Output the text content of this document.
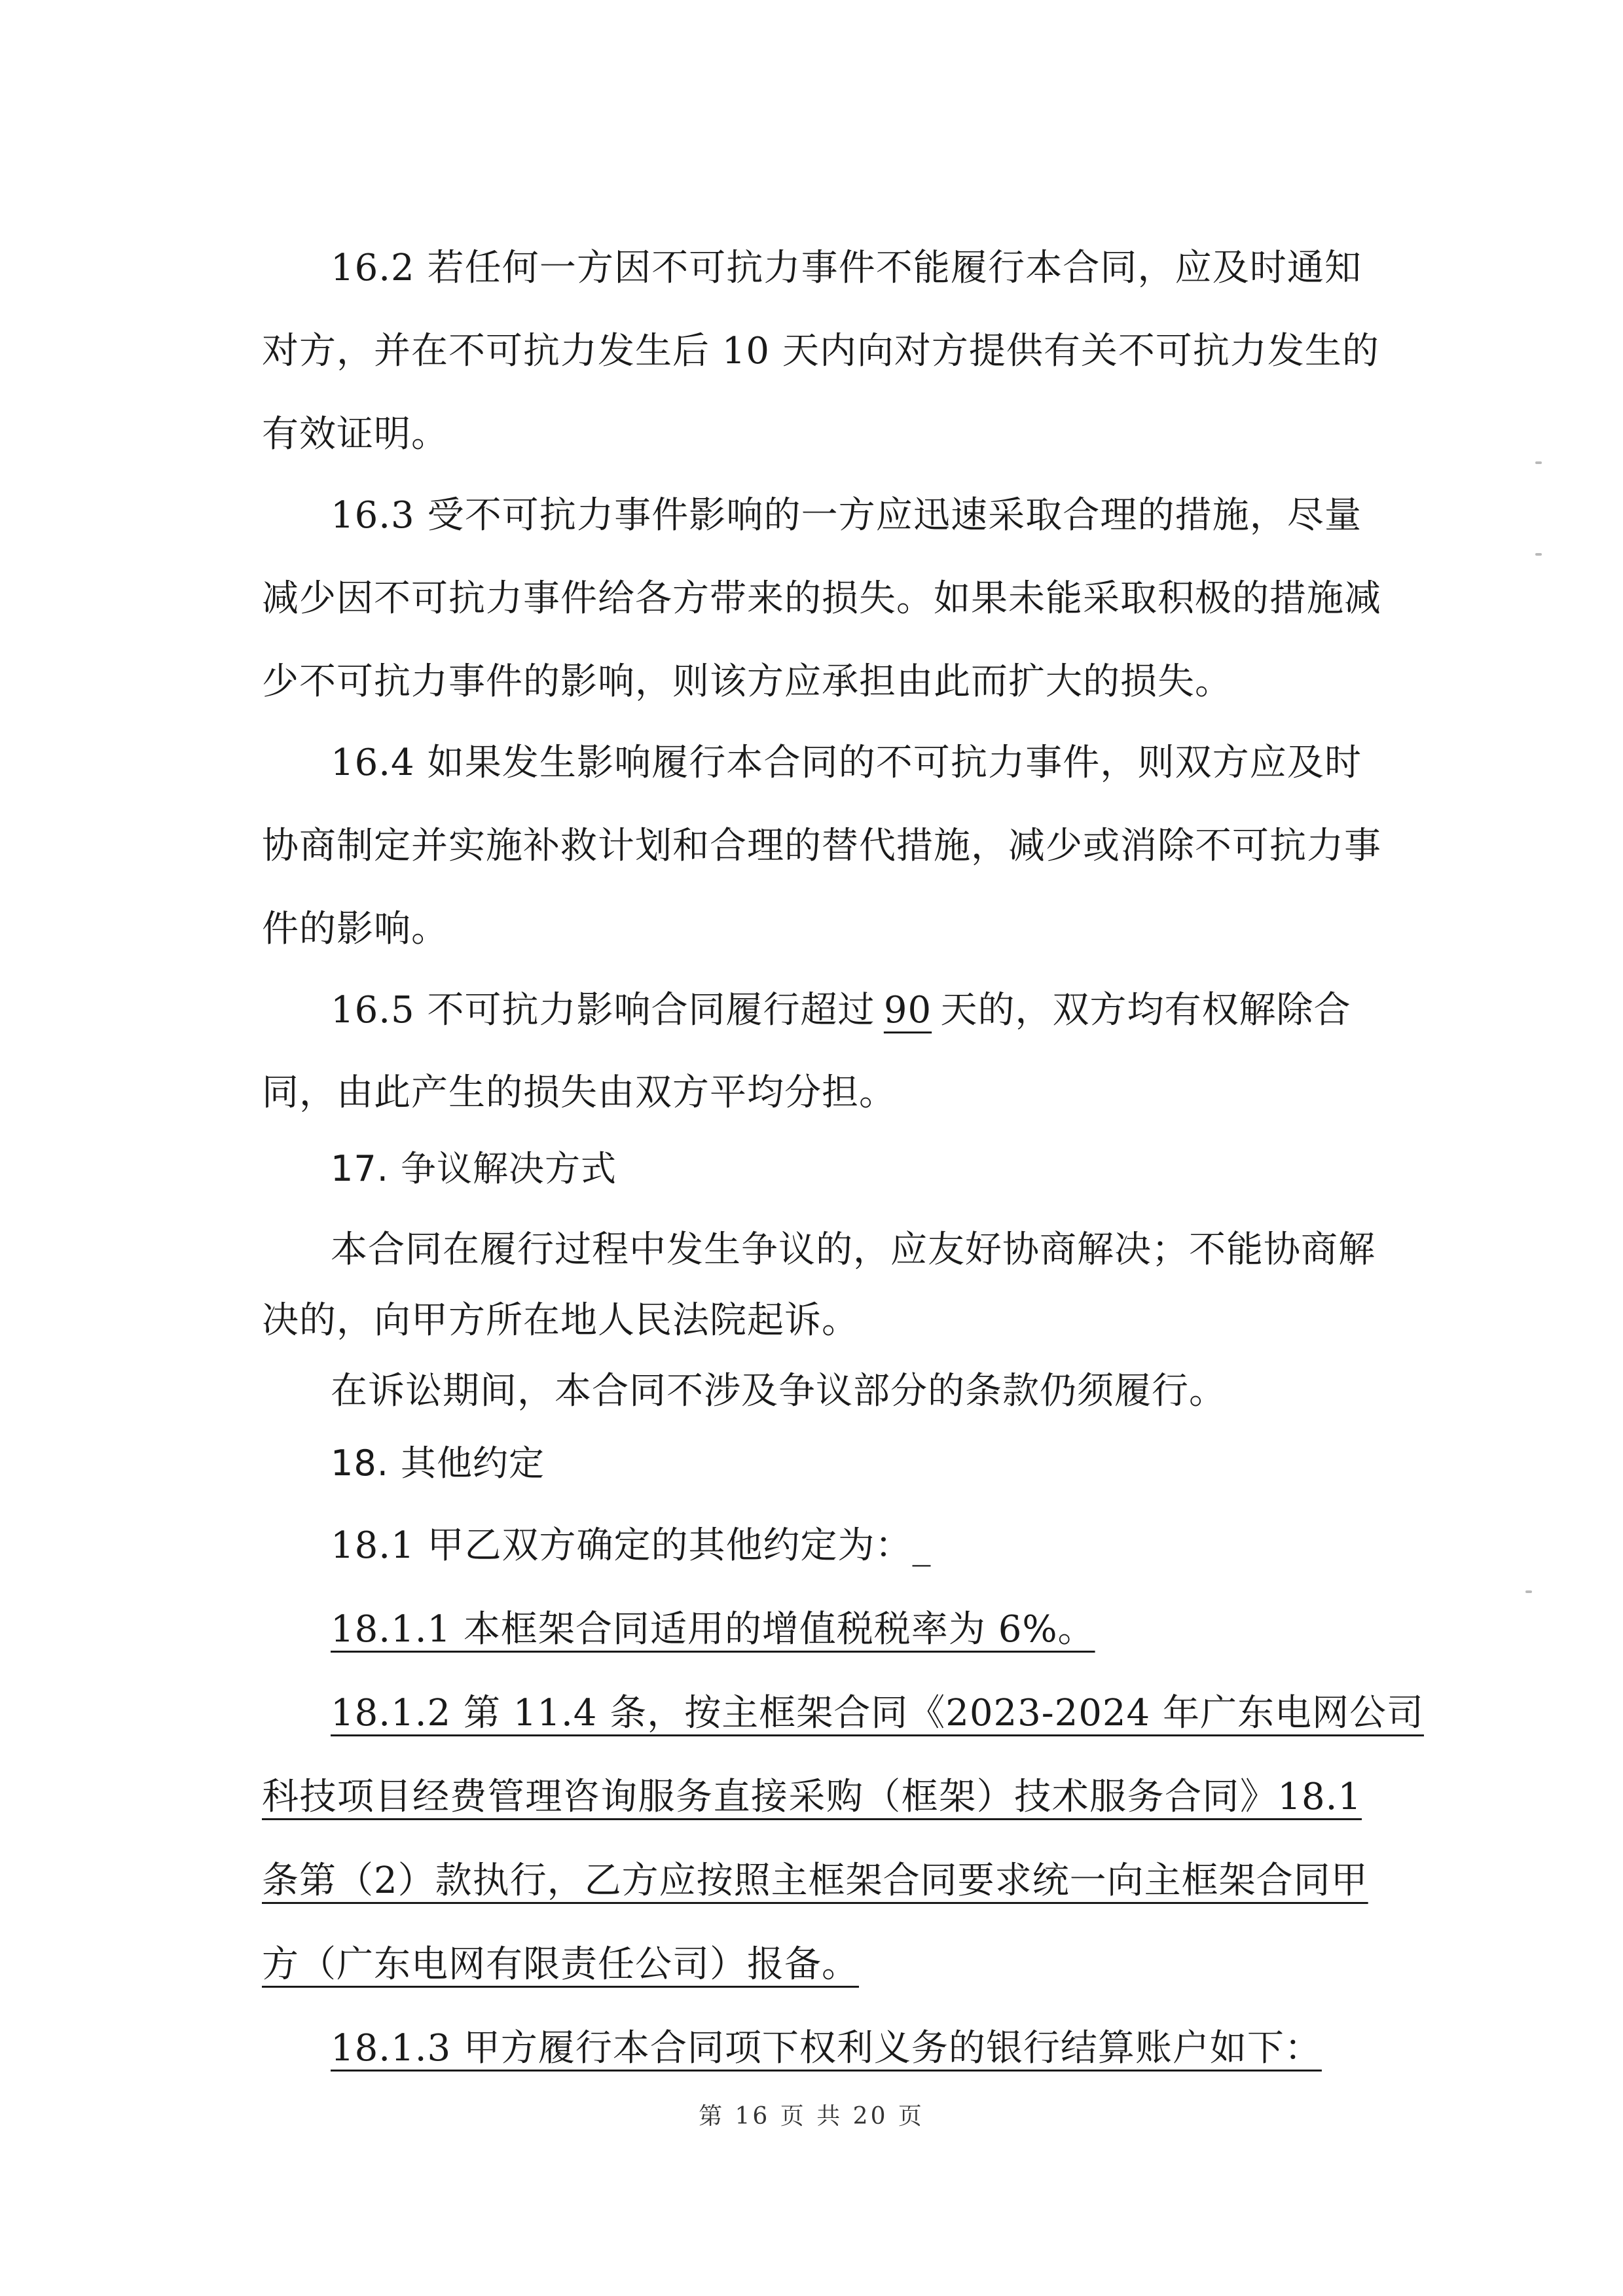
16.2 若任何一方因不可抗力事件不能履行本合同，应及时通知

对方，并在不可抗力发生后 10 天内向对方提供有关不可抗力发生的

有效证明。

16.3 受不可抗力事件影响的一方应迅速采取合理的措施，尽量

减少因不可抗力事件给各方带来的损失。如果未能采取积极的措施减

少不可抗力事件的影响，则该方应承担由此而扩大的损失。

16.4 如果发生影响履行本合同的不可抗力事件，则双方应及时

协商制定并实施补救计划和合理的替代措施，减少或消除不可抗力事

件的影响。

16.5 不可抗力影响合同履行超过 90 天的，双方均有权解除合

同，由此产生的损失由双方平均分担。

17. 争议解决方式

本合同在履行过程中发生争议的，应友好协商解决；不能协商解

决的，向甲方所在地人民法院起诉。

在诉讼期间，本合同不涉及争议部分的条款仍须履行。

18. 其他约定

18.1 甲乙双方确定的其他约定为：_

18.1.1 本框架合同适用的增值税税率为 6%。

18.1.2 第 11.4 条，按主框架合同《2023-2024 年广东电网公司

科技项目经费管理咨询服务直接采购（框架）技术服务合同》18.1

条第（2）款执行，乙方应按照主框架合同要求统一向主框架合同甲

方（广东电网有限责任公司）报备。

18.1.3 甲方履行本合同项下权利义务的银行结算账户如下：

第 16 页 共 20 页
